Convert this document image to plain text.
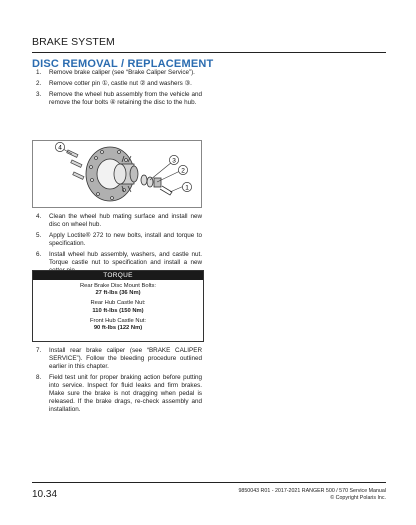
BRAKE SYSTEM
DISC REMOVAL / REPLACEMENT
1.	Remove brake caliper (see “Brake Caliper Service”).
2.	Remove cotter pin ①, castle nut ② and washers ③.
3.	Remove the wheel hub assembly from the vehicle and remove the four bolts ④ retaining the disc to the hub.
4
3
2
1
4.	Clean the wheel hub mating surface and install new disc on wheel hub.
5.	Apply Loctite® 272 to new bolts, install and torque to specification.
6.	Install wheel hub assembly, washers, and castle nut. Torque castle nut to specification and install a new
TORQUE
Rear Brake Disc Mount Bolts:
27 ft-lbs (36 Nm)
Rear Hub Castle Nut:
110 ft-lbs (150 Nm)
Front Hub Castle Nut:
90 ft-lbs (122 Nm)
7.	Install rear brake caliper (see “BRAKE CALIPER SERVICE”). Follow the bleeding procedure outlined earlier in this chapter.
8.	Field test unit for proper braking action before putting into service. Inspect for fluid leaks and firm brakes. Make sure the brake is not dragging when pedal is released. If the brake drags, re-check assembly and installation.
10.34	9850043 R01 - 2017-2021 RANGER 500 / 570 Service Manual
© Copyright Polaris Inc.
